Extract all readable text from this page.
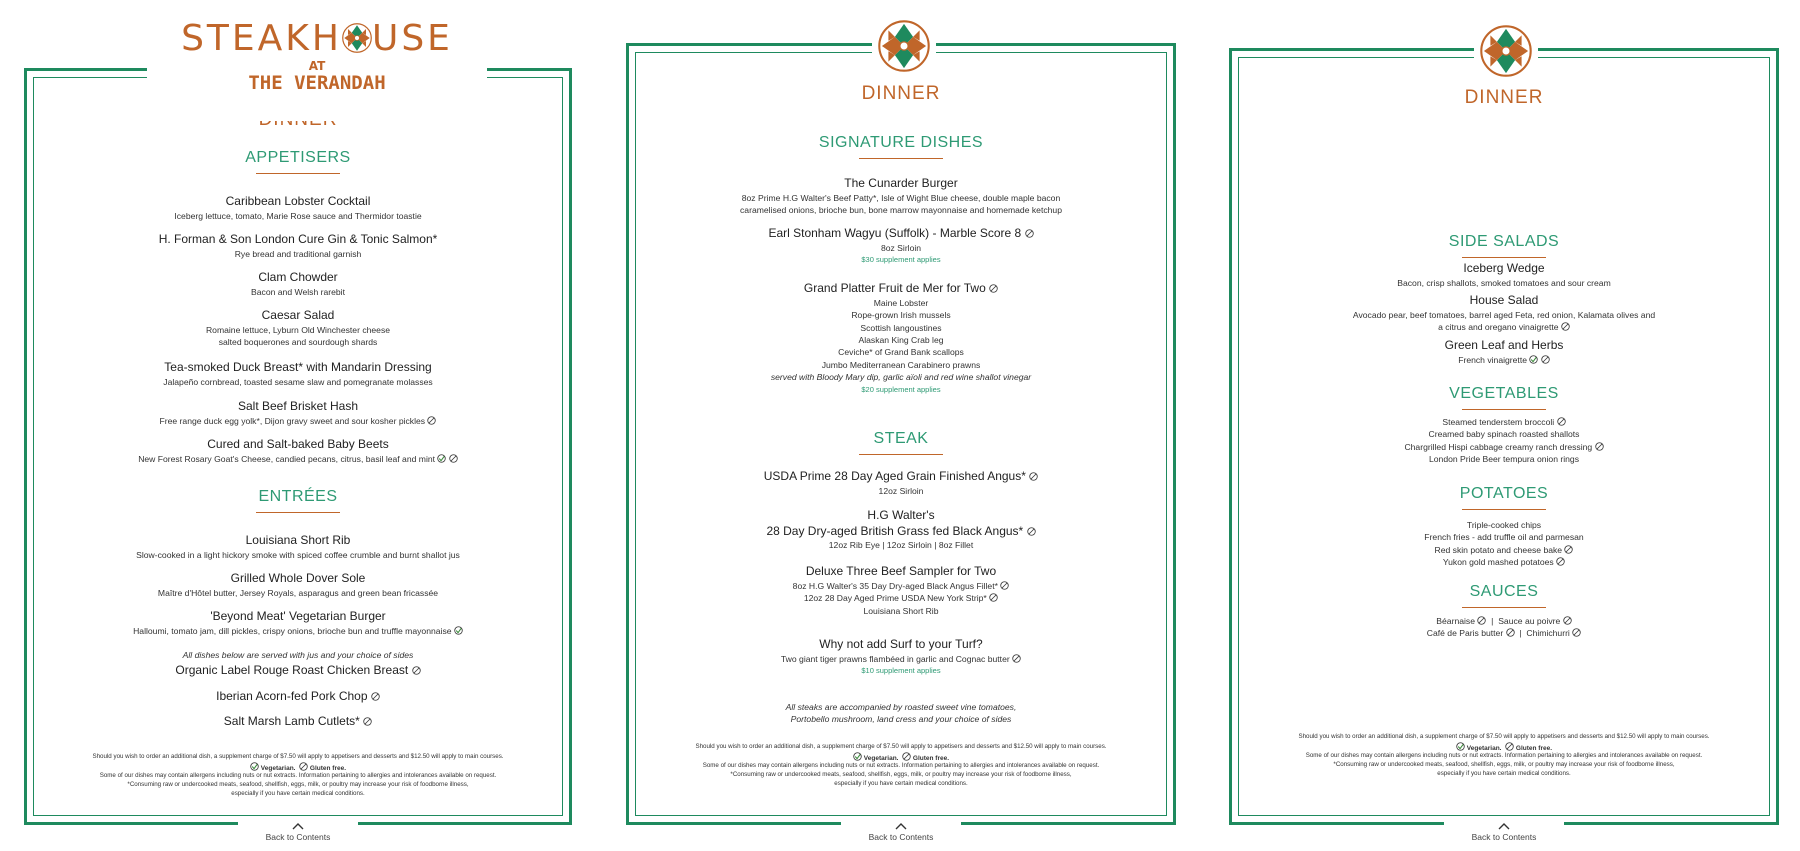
STEAKH USE
AT
THE VERANDAH
APPETISERS
Caribbean Lobster Cocktail
Iceberg lettuce, tomato, Marie Rose sauce and Thermidor toastie
H. Forman & Son London Cure Gin & Tonic Salmon*
Rye bread and traditional garnish
Clam Chowder
Bacon and Welsh rarebit
Caesar Salad
Romaine lettuce, Lyburn Old Winchester cheese
salted boquerones and sourdough shards
Tea-smoked Duck Breast* with Mandarin Dressing
Jalapeño cornbread, toasted sesame slaw and pomegranate molasses
Salt Beef Brisket Hash
Free range duck egg yolk*, Dijon gravy sweet and sour kosher pickles
Cured and Salt-baked Baby Beets
New Forest Rosary Goat's Cheese, candied pecans, citrus, basil leaf and mint
ENTRÉES
Louisiana Short Rib
Slow-cooked in a light hickory smoke with spiced coffee crumble and burnt shallot jus
Grilled Whole Dover Sole
Maître d'Hôtel butter, Jersey Royals, asparagus and green bean fricassée
'Beyond Meat' Vegetarian Burger
Halloumi, tomato jam, dill pickles, crispy onions, brioche bun and truffle mayonnaise
All dishes below are served with jus and your choice of sides
Organic Label Rouge Roast Chicken Breast
Iberian Acorn-fed Pork Chop
Salt Marsh Lamb Cutlets*
Should you wish to order an additional dish, a supplement charge of $7.50 will apply to appetisers and desserts and $12.50 will apply to main courses.
Vegetarian. Gluten free.
Some of our dishes may contain allergens including nuts or nut extracts. Information pertaining to allergies and intolerances available on request.
*Consuming raw or undercooked meats, seafood, shellfish, eggs, milk, or poultry may increase your risk of foodborne illness,
especially if you have certain medical conditions.
Back to Contents
DINNER
SIGNATURE DISHES
The Cunarder Burger
8oz Prime H.G Walter's Beef Patty*, Isle of Wight Blue cheese, double maple bacon
caramelised onions, brioche bun, bone marrow mayonnaise and homemade ketchup
Earl Stonham Wagyu (Suffolk) - Marble Score 8
8oz Sirloin
$30 supplement applies
Grand Platter Fruit de Mer for Two
Maine Lobster
Rope-grown Irish mussels
Scottish langoustines
Alaskan King Crab leg
Ceviche* of Grand Bank scallops
Jumbo Mediterranean Carabinero prawns
served with Bloody Mary dip, garlic aïoli and red wine shallot vinegar
$20 supplement applies
STEAK
USDA Prime 28 Day Aged Grain Finished Angus*
12oz Sirloin
H.G Walter's
28 Day Dry-aged British Grass fed Black Angus*
12oz Rib Eye | 12oz Sirloin | 8oz Fillet
Deluxe Three Beef Sampler for Two
8oz H.G Walter's 35 Day Dry-aged Black Angus Fillet*
12oz 28 Day Aged Prime USDA New York Strip*
Louisiana Short Rib
Why not add Surf to your Turf?
Two giant tiger prawns flambéed in garlic and Cognac butter
$10 supplement applies
All steaks are accompanied by roasted sweet vine tomatoes,
Portobello mushroom, land cress and your choice of sides
Should you wish to order an additional dish, a supplement charge of $7.50 will apply to appetisers and desserts and $12.50 will apply to main courses.
Vegetarian. Gluten free.
Some of our dishes may contain allergens including nuts or nut extracts. Information pertaining to allergies and intolerances available on request.
*Consuming raw or undercooked meats, seafood, shellfish, eggs, milk, or poultry may increase your risk of foodborne illness,
especially if you have certain medical conditions.
Back to Contents
DINNER
SIDE SALADS
Iceberg Wedge
Bacon, crisp shallots, smoked tomatoes and sour cream
House Salad
Avocado pear, beef tomatoes, barrel aged Feta, red onion, Kalamata olives and
a citrus and oregano vinaigrette
Green Leaf and Herbs
French vinaigrette
VEGETABLES
Steamed tenderstem broccoli
Creamed baby spinach roasted shallots
Chargrilled Hispi cabbage creamy ranch dressing
London Pride Beer tempura onion rings
POTATOES
Triple-cooked chips
French fries - add truffle oil and parmesan
Red skin potato and cheese bake
Yukon gold mashed potatoes
SAUCES
Béarnaise   |  Sauce au poivre
Café de Paris butter   |  Chimichurri
Should you wish to order an additional dish, a supplement charge of $7.50 will apply to appetisers and desserts and $12.50 will apply to main courses.
Vegetarian. Gluten free.
Some of our dishes may contain allergens including nuts or nut extracts. Information pertaining to allergies and intolerances available on request.
*Consuming raw or undercooked meats, seafood, shellfish, eggs, milk, or poultry may increase your risk of foodborne illness,
especially if you have certain medical conditions.
Back to Contents
